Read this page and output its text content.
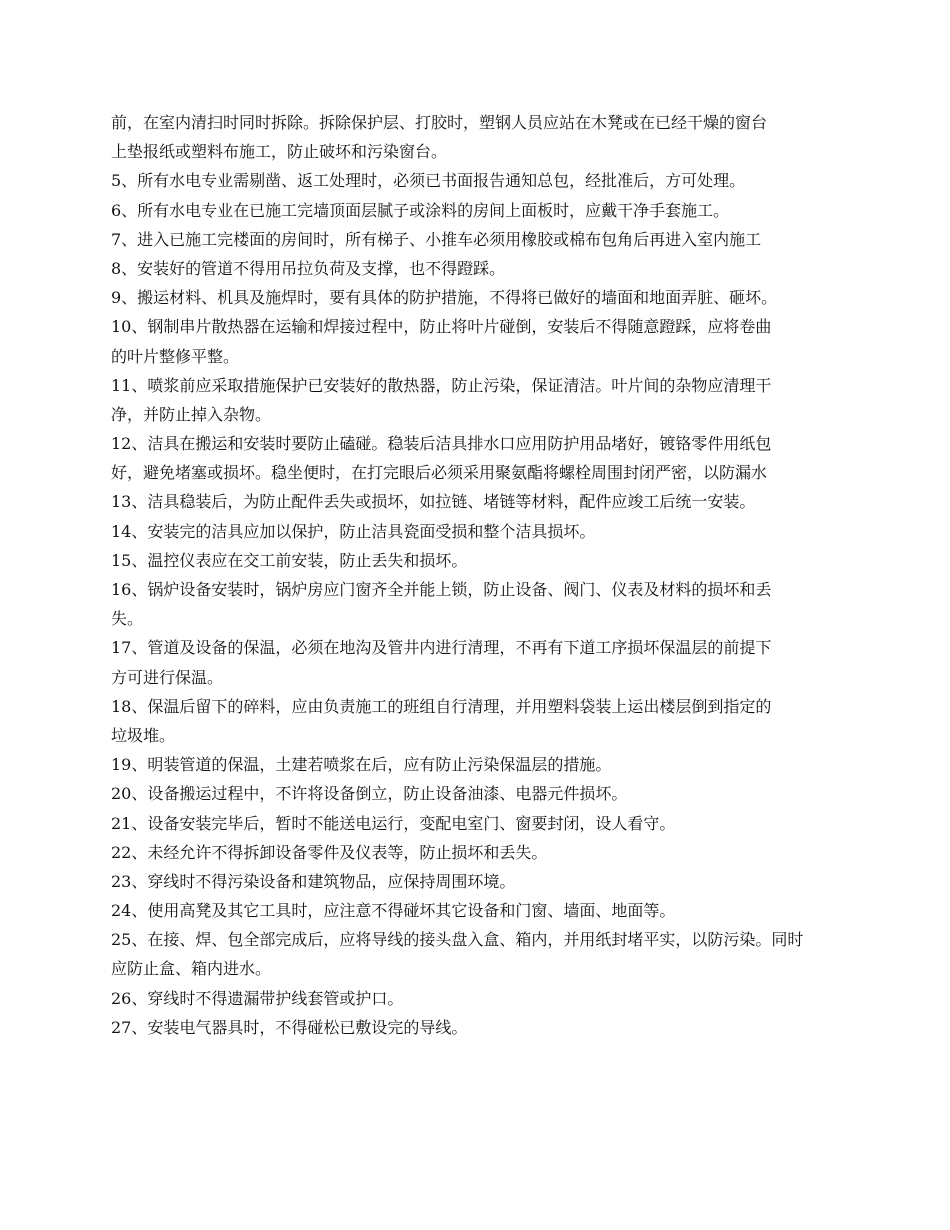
前，在室内清扫时同时拆除。拆除保护层、打胶时，塑钢人员应站在木凳或在已经干燥的窗台
上垫报纸或塑料布施工，防止破坏和污染窗台。
5、所有水电专业需剔凿、返工处理时，必须已书面报告通知总包，经批准后，方可处理。
6、所有水电专业在已施工完墙顶面层腻子或涂料的房间上面板时，应戴干净手套施工。
7、进入已施工完楼面的房间时，所有梯子、小推车必须用橡胶或棉布包角后再进入室内施工
8、安装好的管道不得用吊拉负荷及支撑，也不得蹬踩。
9、搬运材料、机具及施焊时，要有具体的防护措施，不得将已做好的墙面和地面弄脏、砸坏。
10、钢制串片散热器在运输和焊接过程中，防止将叶片碰倒，安装后不得随意蹬踩，应将卷曲
的叶片整修平整。
11、喷浆前应采取措施保护已安装好的散热器，防止污染，保证清洁。叶片间的杂物应清理干
净，并防止掉入杂物。
12、洁具在搬运和安装时要防止磕碰。稳装后洁具排水口应用防护用品堵好，镀铬零件用纸包
好，避免堵塞或损坏。稳坐便时，在打完眼后必须采用聚氨酯将螺栓周围封闭严密，以防漏水
13、洁具稳装后，为防止配件丢失或损坏，如拉链、堵链等材料，配件应竣工后统一安装。
14、安装完的洁具应加以保护，防止洁具瓷面受损和整个洁具损坏。
15、温控仪表应在交工前安装，防止丢失和损坏。
16、锅炉设备安装时，锅炉房应门窗齐全并能上锁，防止设备、阀门、仪表及材料的损坏和丢
失。
17、管道及设备的保温，必须在地沟及管井内进行清理，不再有下道工序损坏保温层的前提下
方可进行保温。
18、保温后留下的碎料，应由负责施工的班组自行清理，并用塑料袋装上运出楼层倒到指定的
垃圾堆。
19、明装管道的保温，土建若喷浆在后，应有防止污染保温层的措施。
20、设备搬运过程中，不许将设备倒立，防止设备油漆、电器元件损坏。
21、设备安装完毕后，暂时不能送电运行，变配电室门、窗要封闭，设人看守。
22、未经允许不得拆卸设备零件及仪表等，防止损坏和丢失。
23、穿线时不得污染设备和建筑物品，应保持周围环境。
24、使用高凳及其它工具时，应注意不得碰坏其它设备和门窗、墙面、地面等。
25、在接、焊、包全部完成后，应将导线的接头盘入盒、箱内，并用纸封堵平实，以防污染。同时
应防止盒、箱内进水。
26、穿线时不得遗漏带护线套管或护口。
27、安装电气器具时，不得碰松已敷设完的导线。
